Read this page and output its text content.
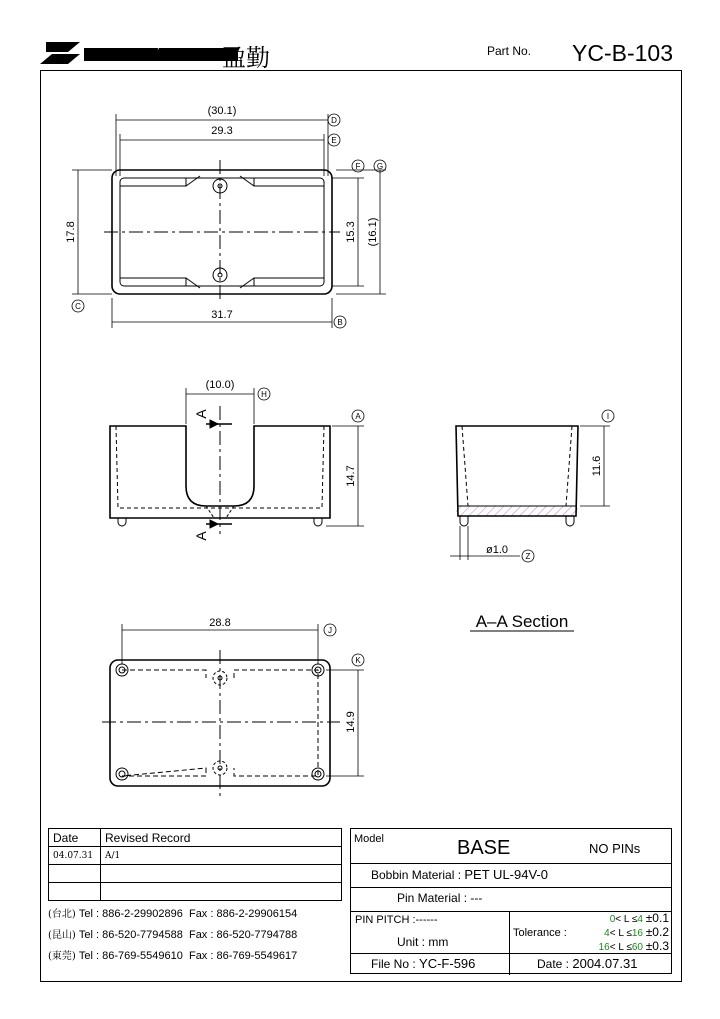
YING CHIN CO., LTD 盈勤	Part No. YC-B-103
(30.1)
29.3
17.8	15.3 (16.1)
31.7
D
E
F G
C
B
H
A	I
Z
J
K
(10.0)
14.7
A
A
11.6
ø1.0
A–A Section
28.8
14.9
Date	Revised Record
04.07.31	A/1

(台北) Tel : 886-2-29902896 Fax : 886-2-29906154
(昆山) Tel : 86-520-7794588 Fax : 86-520-7794788
(東莞) Tel : 86-769-5549610 Fax : 86-769-5549617
Model	BASE	NO PINs
Bobbin Material : PET UL-94V-0
Pin Material : ---
PIN PITCH :------
Unit : mm
File No : YC-F-596	Date : 2004.07.31
Tolerance :
0< L ≤4 ±0.1
4< L ≤16 ±0.2
16< L ≤60 ±0.3
